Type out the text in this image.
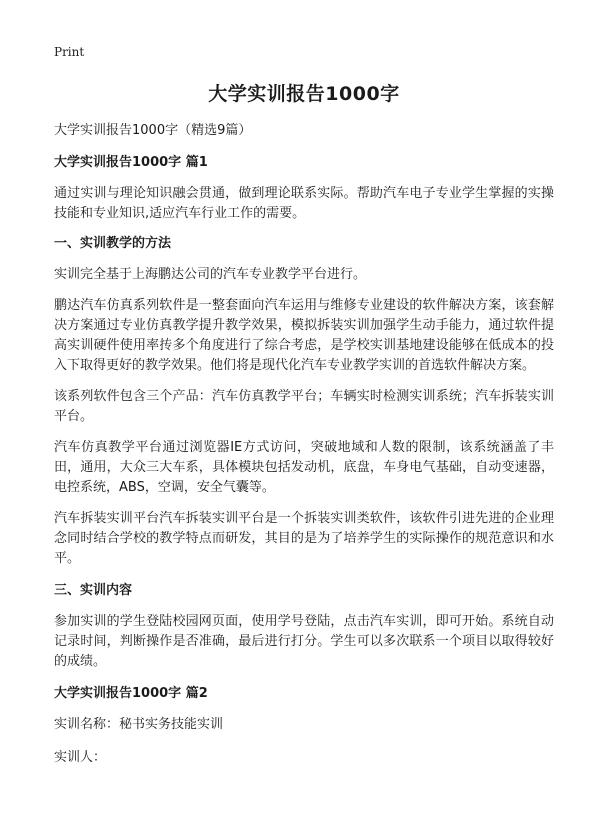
Print
大学实训报告1000字
大学实训报告1000字（精选9篇）
大学实训报告1000字 篇1

通过实训与理论知识融会贯通，做到理论联系实际。帮助汽车电子专业学生掌握的实操技能和专业知识,适应汽车行业工作的需要。

一、实训教学的方法

实训完全基于上海鹏达公司的汽车专业教学平台进行。

鹏达汽车仿真系列软件是一整套面向汽车运用与维修专业建设的软件解决方案，该套解决方案通过专业仿真教学提升教学效果，模拟拆装实训加强学生动手能力，通过软件提高实训硬件使用率抟多个角度进行了综合考虑，是学校实训基地建设能够在低成本的投入下取得更好的教学效果。他们将是现代化汽车专业教学实训的首选软件解决方案。

该系列软件包含三个产品：汽车仿真教学平台；车辆实时检测实训系统；汽车拆装实训平台。

汽车仿真教学平台通过浏览器IE方式访问，突破地域和人数的限制，该系统涵盖了丰田，通用，大众三大车系，具体模块包括发动机，底盘，车身电气基础，自动变速器，电控系统，ABS，空调，安全气囊等。

汽车拆装实训平台汽车拆装实训平台是一个拆装实训类软件，该软件引进先进的企业理念同时结合学校的教学特点而研发，其目的是为了培养学生的实际操作的规范意识和水平。

三、实训内容

参加实训的学生登陆校园网页面，使用学号登陆，点击汽车实训，即可开始。系统自动记录时间，判断操作是否准确，最后进行打分。学生可以多次联系一个项目以取得较好的成绩。

大学实训报告1000字 篇2

实训名称：秘书实务技能实训

实训人：
